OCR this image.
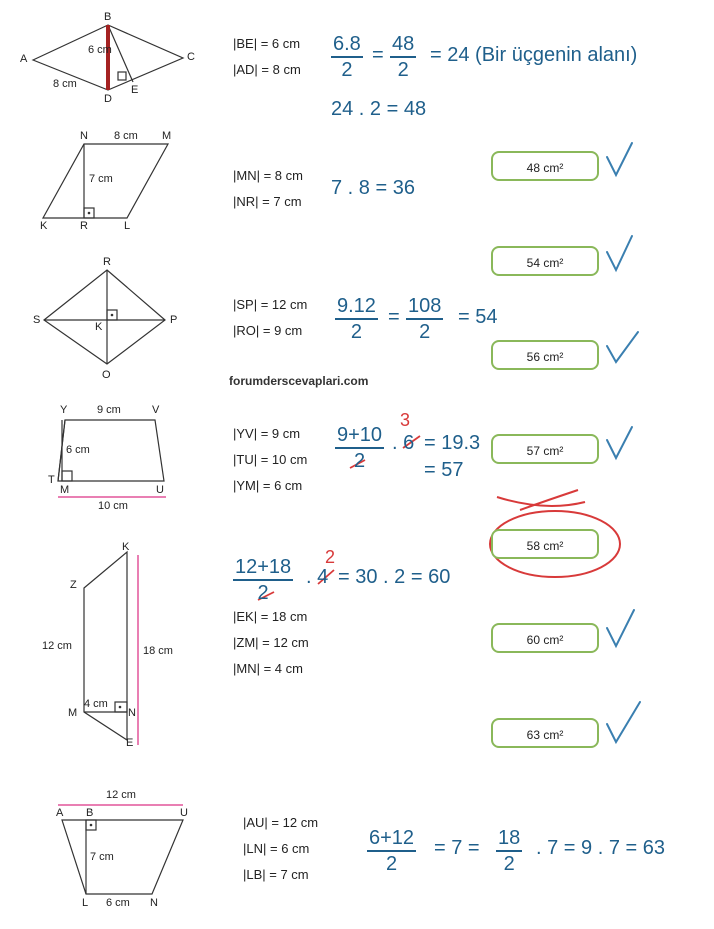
A
B
C
D
E
6 cm
8 cm
N	M
K	R	L
8 cm
7 cm
R
S	P
K
O
Y	V
T
M	U
9 cm
6 cm
10 cm
K
Z
M	N
E
12 cm	18 cm
4 cm
A B	U
L	N
12 cm
7 cm
6 cm
|BE| = 6 cm
|AD| = 8 cm
|MN| = 8 cm
|NR| = 7 cm
|SP| = 12 cm
|RO| = 9 cm
|YV| = 9 cm
|TU| = 10 cm
|YM| = 6 cm
|EK| = 18 cm
|ZM| = 12 cm
|MN| = 4 cm
|AU| = 12 cm
|LN| = 6 cm
|LB| = 7 cm
$\frac{6.8}{2} = \frac{48}{2} = 24$ (Bir üçgenin alanı)
24 . 2 = 48
7 . 8 = 36
$\frac{9.12}{2} = \frac{108}{2} = 54$
$\frac{9+10}{2}$ . 6
3
= 19.3
= 57
$\frac{12+18}{2}$ . 4
2
= 30 . 2 = 60
$\frac{6+12}{2} = 7 = \frac{18}{2}$ . 7 = 9 . 7 = 63
forumderscevaplari.com
48 cm²
54 cm²
56 cm²
57 cm²
58 cm²
60 cm²
63 cm²
